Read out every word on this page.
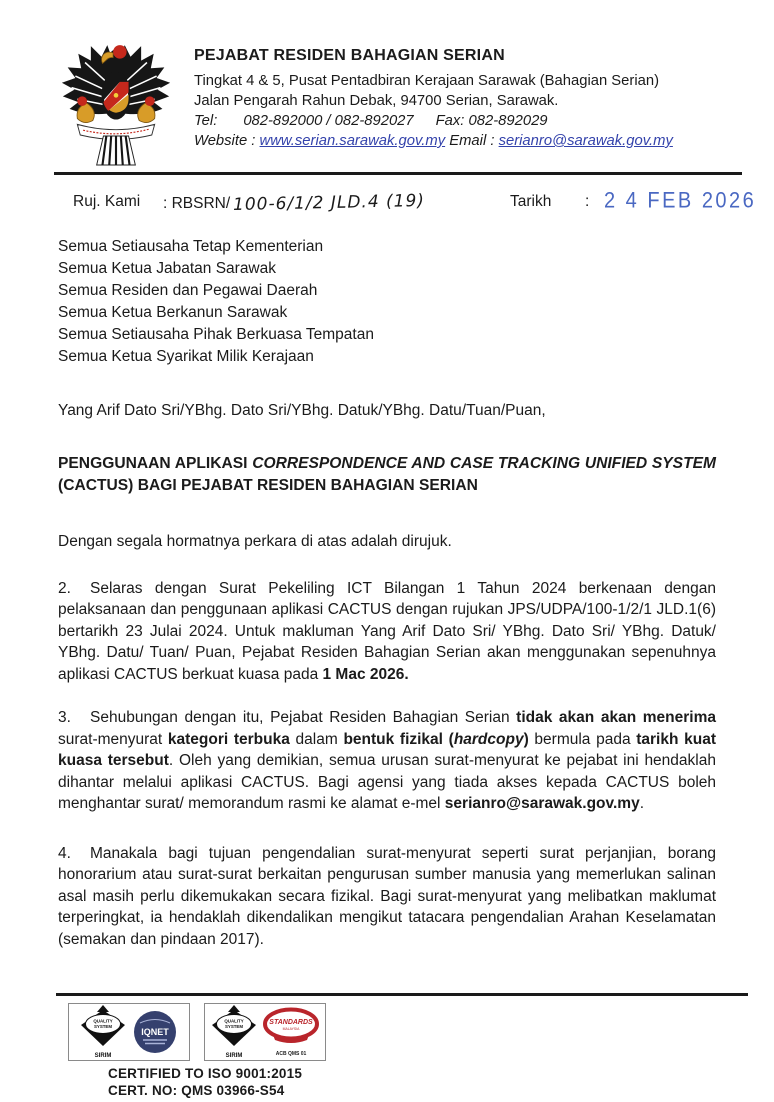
PEJABAT RESIDEN BAHAGIAN SERIAN
Tingkat 4 & 5, Pusat Pentadbiran Kerajaan Sarawak (Bahagian Serian)
Jalan Pengarah Rahun Debak, 94700 Serian, Sarawak.
Tel: 082-892000 / 082-892027 Fax: 082-892029
Website : www.serian.sarawak.gov.my Email : serianro@sarawak.gov.my
Ruj. Kami : RBSRN/ 100-6/1/2 JLD.4 (19)	Tarikh : 2 4 FEB 2026
Semua Setiausaha Tetap Kementerian
Semua Ketua Jabatan Sarawak
Semua Residen dan Pegawai Daerah
Semua Ketua Berkanun Sarawak
Semua Setiausaha Pihak Berkuasa Tempatan
Semua Ketua Syarikat Milik Kerajaan

Yang Arif Dato Sri/YBhg. Dato Sri/YBhg. Datuk/YBhg. Datu/Tuan/Puan,

PENGGUNAAN APLIKASI CORRESPONDENCE AND CASE TRACKING UNIFIED SYSTEM (CACTUS) BAGI PEJABAT RESIDEN BAHAGIAN SERIAN

Dengan segala hormatnya perkara di atas adalah dirujuk.
2. Selaras dengan Surat Pekeliling ICT Bilangan 1 Tahun 2024 berkenaan dengan pelaksanaan dan penggunaan aplikasi CACTUS dengan rujukan JPS/UDPA/100-1/2/1 JLD.1(6) bertarikh 23 Julai 2024. Untuk makluman Yang Arif Dato Sri/ YBhg. Dato Sri/ YBhg. Datuk/ YBhg. Datu/ Tuan/ Puan, Pejabat Residen Bahagian Serian akan menggunakan sepenuhnya aplikasi CACTUS berkuat kuasa pada 1 Mac 2026.
3. Sehubungan dengan itu, Pejabat Residen Bahagian Serian tidak akan akan menerima surat-menyurat kategori terbuka dalam bentuk fizikal (hardcopy) bermula pada tarikh kuat kuasa tersebut. Oleh yang demikian, semua urusan surat-menyurat ke pejabat ini hendaklah dihantar melalui aplikasi CACTUS. Bagi agensi yang tiada akses kepada CACTUS boleh menghantar surat/ memorandum rasmi ke alamat e-mel serianro@sarawak.gov.my.
4. Manakala bagi tujuan pengendalian surat-menyurat seperti surat perjanjian, borang honorarium atau surat-surat berkaitan pengurusan sumber manusia yang memerlukan salinan asal masih perlu dikemukakan secara fizikal. Bagi surat-menyurat yang melibatkan maklumat terperingkat, ia hendaklah dikendalikan mengikut tatacara pengendalian Arahan Keselamatan (semakan dan pindaan 2017).
QUALITY
SYSTEM
SIRIM
IQNET
QUALITY
SYSTEM
SIRIM
STANDARDS
MALAYSIA
ACB QMS 01
CERTIFIED TO ISO 9001:2015
CERT. NO: QMS 03966-S54
